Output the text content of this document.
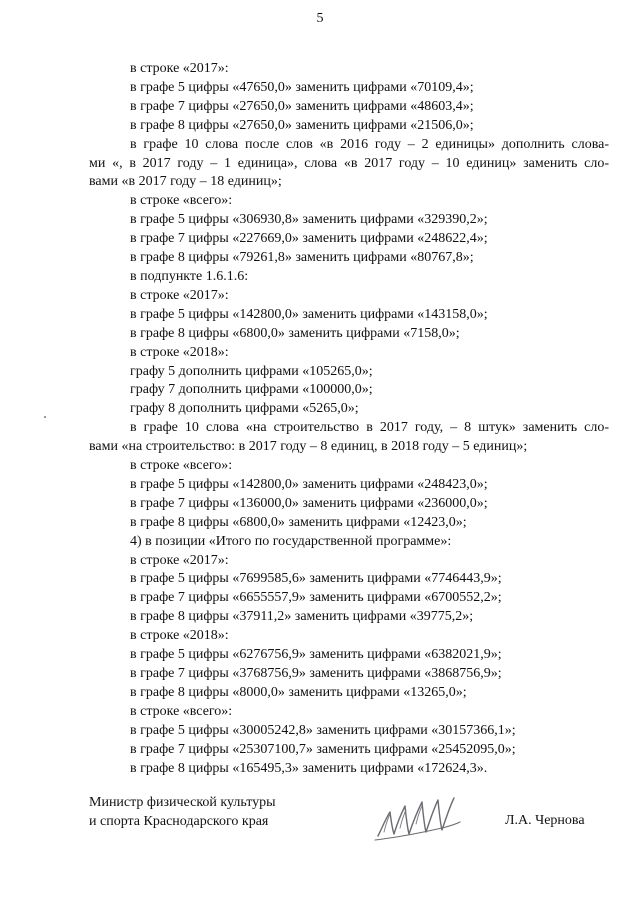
5
в строке «2017»:
в графе 5 цифры «47650,0» заменить цифрами «70109,4»;
в графе 7 цифры «27650,0» заменить цифрами «48603,4»;
в графе 8 цифры «27650,0» заменить цифрами «21506,0»;
в графе 10 слова после слов «в 2016 году – 2 единицы» дополнить слова-
ми «, в 2017 году – 1 единица», слова «в 2017 году – 10 единиц» заменить сло-
вами «в 2017 году – 18 единиц»;
в строке «всего»:
в графе 5 цифры «306930,8» заменить цифрами «329390,2»;
в графе 7 цифры «227669,0» заменить цифрами «248622,4»;
в графе 8 цифры «79261,8» заменить цифрами «80767,8»;
в подпункте 1.6.1.6:
в строке «2017»:
в графе 5 цифры «142800,0» заменить цифрами «143158,0»;
в графе 8 цифры «6800,0» заменить цифрами «7158,0»;
в строке «2018»:
графу 5 дополнить цифрами «105265,0»;
графу 7 дополнить цифрами «100000,0»;
графу 8 дополнить цифрами «5265,0»;
в графе 10 слова «на строительство в 2017 году, – 8 штук» заменить сло-
вами «на строительство: в 2017 году – 8 единиц, в 2018 году – 5 единиц»;
в строке «всего»:
в графе 5 цифры «142800,0» заменить цифрами «248423,0»;
в графе 7 цифры «136000,0» заменить цифрами «236000,0»;
в графе 8 цифры «6800,0» заменить цифрами «12423,0»;
4) в позиции «Итого по государственной программе»:
в строке «2017»:
в графе 5 цифры «7699585,6» заменить цифрами «7746443,9»;
в графе 7 цифры «6655557,9» заменить цифрами «6700552,2»;
в графе 8 цифры «37911,2» заменить цифрами «39775,2»;
в строке «2018»:
в графе 5 цифры «6276756,9» заменить цифрами «6382021,9»;
в графе 7 цифры «3768756,9» заменить цифрами «3868756,9»;
в графе 8 цифры «8000,0» заменить цифрами «13265,0»;
в строке «всего»:
в графе 5 цифры «30005242,8» заменить цифрами «30157366,1»;
в графе 7 цифры «25307100,7» заменить цифрами «25452095,0»;
в графе 8 цифры «165495,3» заменить цифрами «172624,3».
Министр физической культуры
и спорта Краснодарского края	Л.А. Чернова
